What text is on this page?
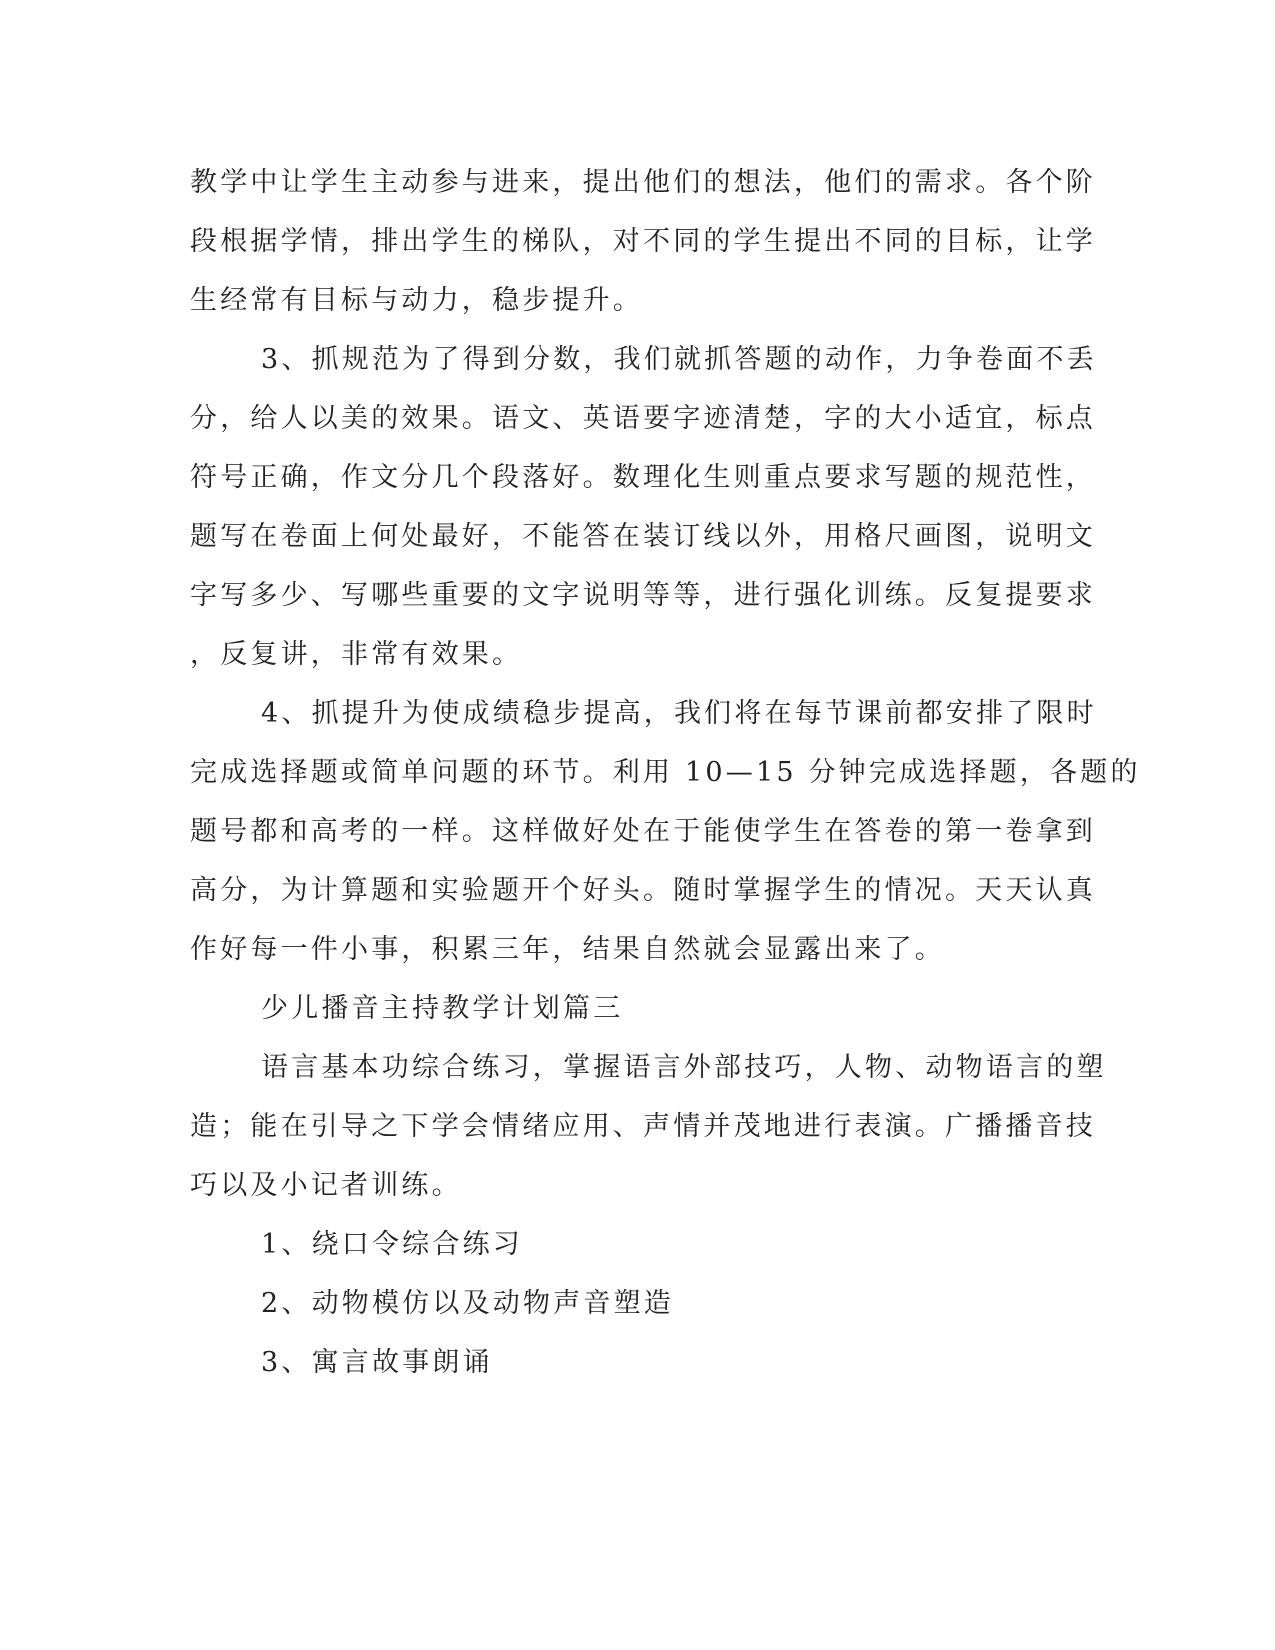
教学中让学生主动参与进来，提出他们的想法，他们的需求。各个阶
段根据学情，排出学生的梯队，对不同的学生提出不同的目标，让学
生经常有目标与动力，稳步提升。
3、抓规范为了得到分数，我们就抓答题的动作，力争卷面不丢
分，给人以美的效果。语文、英语要字迹清楚，字的大小适宜，标点
符号正确，作文分几个段落好。数理化生则重点要求写题的规范性，
题写在卷面上何处最好，不能答在装订线以外，用格尺画图，说明文
字写多少、写哪些重要的文字说明等等，进行强化训练。反复提要求
，反复讲，非常有效果。
4、抓提升为使成绩稳步提高，我们将在每节课前都安排了限时
完成选择题或简单问题的环节。利用 10—15 分钟完成选择题，各题的
题号都和高考的一样。这样做好处在于能使学生在答卷的第一卷拿到
高分，为计算题和实验题开个好头。随时掌握学生的情况。天天认真
作好每一件小事，积累三年，结果自然就会显露出来了。
少儿播音主持教学计划篇三
语言基本功综合练习，掌握语言外部技巧，人物、动物语言的塑
造；能在引导之下学会情绪应用、声情并茂地进行表演。广播播音技
巧以及小记者训练。
1、绕口令综合练习
2、动物模仿以及动物声音塑造
3、寓言故事朗诵
